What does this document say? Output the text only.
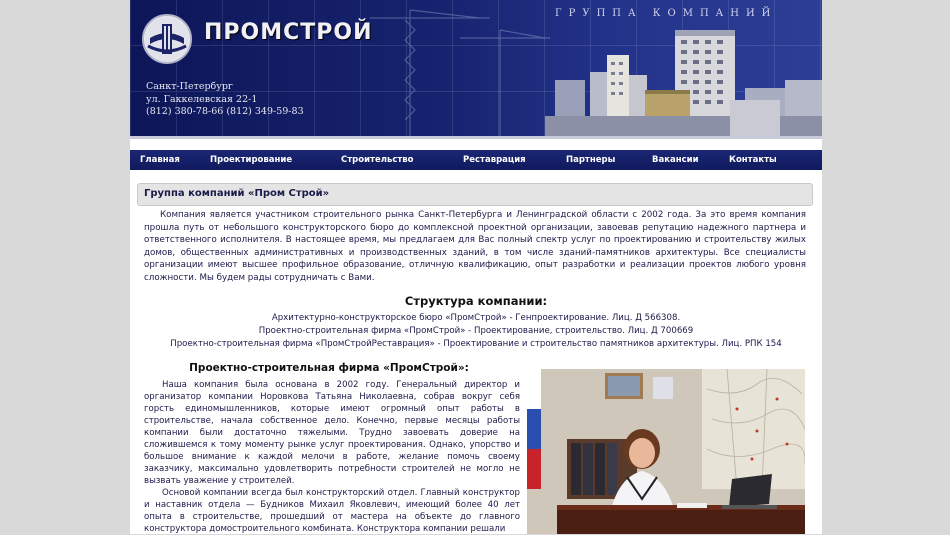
ПРОМСТРОЙ
ГРУППА КОМПАНИЙ
Санкт-Петербург
ул. Гаккелевская 22-1
(812) 380-78-66 (812) 349-59-83
Главная	Проектирование	Строительство	Реставрация	Партнеры	Вакансии	Контакты
Группа компаний «Пром Строй»

Компания является участником строительного рынка Санкт-Петербурга и Ленинградской области с 2002 года. За это время компания прошла путь от небольшого конструкторского бюро до комплексной проектной организации, завоевав репутацию надежного партнера и ответственного исполнителя. В настоящее время, мы предлагаем для Вас полный спектр услуг по проектированию и строительству жилых домов, общественных административных и производственных зданий, в том числе зданий-памятников архитектуры. Все специалисты организации имеют высшее профильное образование, отличную квалификацию, опыт разработки и реализации проектов любого уровня сложности. Мы будем рады сотрудничать с Вами.

Структура компании:
Архитектурно-конструкторское бюро «ПромСтрой» - Генпроектирование. Лиц. Д 566308.
Проектно-строительная фирма «ПромСтрой» - Проектирование, строительство. Лиц. Д 700669
Проектно-строительная фирма «ПромСтройРеставрация» - Проектирование и строительство памятников архитектуры. Лиц. РПК 154
Проектно-строительная фирма «ПромСтрой»:

Наша компания была основана в 2002 году. Генеральный директор и организатор компании Норовкова Татьяна Николаевна, собрав вокруг себя горсть единомышленников, которые имеют огромный опыт работы в строительстве, начала собственное дело. Конечно, первые месяцы работы компании были достаточно тяжелыми. Трудно завоевать доверие на сложившемся к тому моменту рынке услуг проектирования. Однако, упорство и большое внимание к каждой мелочи в работе, желание помочь своему заказчику, максимально удовлетворить потребности строителей не могло не вызвать уважение у строителей.

Основой компании всегда был конструкторский отдел. Главный конструктор и наставник отдела — Будников Михаил Яковлевич, имеющий более 40 лет опыта в строительстве, прошедший от мастера на объекте до главного конструктора домостроительного комбината. Конструктора компании решали
